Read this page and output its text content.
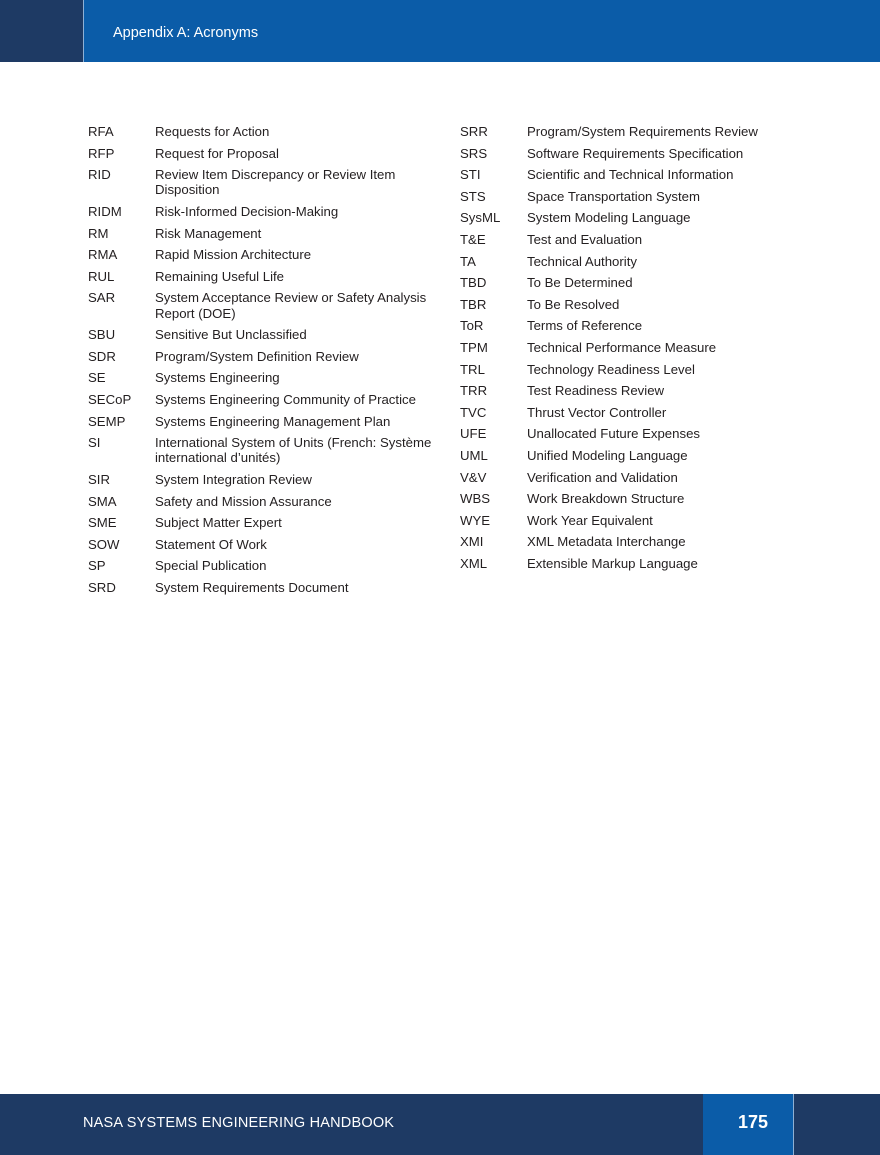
Appendix A: Acronyms
RFA	Requests for Action
RFP	Request for Proposal
RID	Review Item Discrepancy or Review Item Disposition
RIDM	Risk-Informed Decision-Making
RM	Risk Management
RMA	Rapid Mission Architecture
RUL	Remaining Useful Life
SAR	System Acceptance Review or Safety Analysis Report (DOE)
SBU	Sensitive But Unclassified
SDR	Program/System Definition Review
SE	Systems Engineering
SECoP	Systems Engineering Community of Practice
SEMP	Systems Engineering Management Plan
SI	International System of Units (French: Système international d’unités)
SIR	System Integration Review
SMA	Safety and Mission Assurance
SME	Subject Matter Expert
SOW	Statement Of Work
SP	Special Publication
SRD	System Requirements Document
SRR	Program/System Requirements Review
SRS	Software Requirements Specification
STI	Scientific and Technical Information
STS	Space Transportation System
SysML	System Modeling Language
T&E	Test and Evaluation
TA	Technical Authority
TBD	To Be Determined
TBR	To Be Resolved
ToR	Terms of Reference
TPM	Technical Performance Measure
TRL	Technology Readiness Level
TRR	Test Readiness Review
TVC	Thrust Vector Controller
UFE	Unallocated Future Expenses
UML	Unified Modeling Language
V&V	Verification and Validation
WBS	Work Breakdown Structure
WYE	Work Year Equivalent
XMI	XML Metadata Interchange
XML	Extensible Markup Language
NASA SYSTEMS ENGINEERING HANDBOOK	175
